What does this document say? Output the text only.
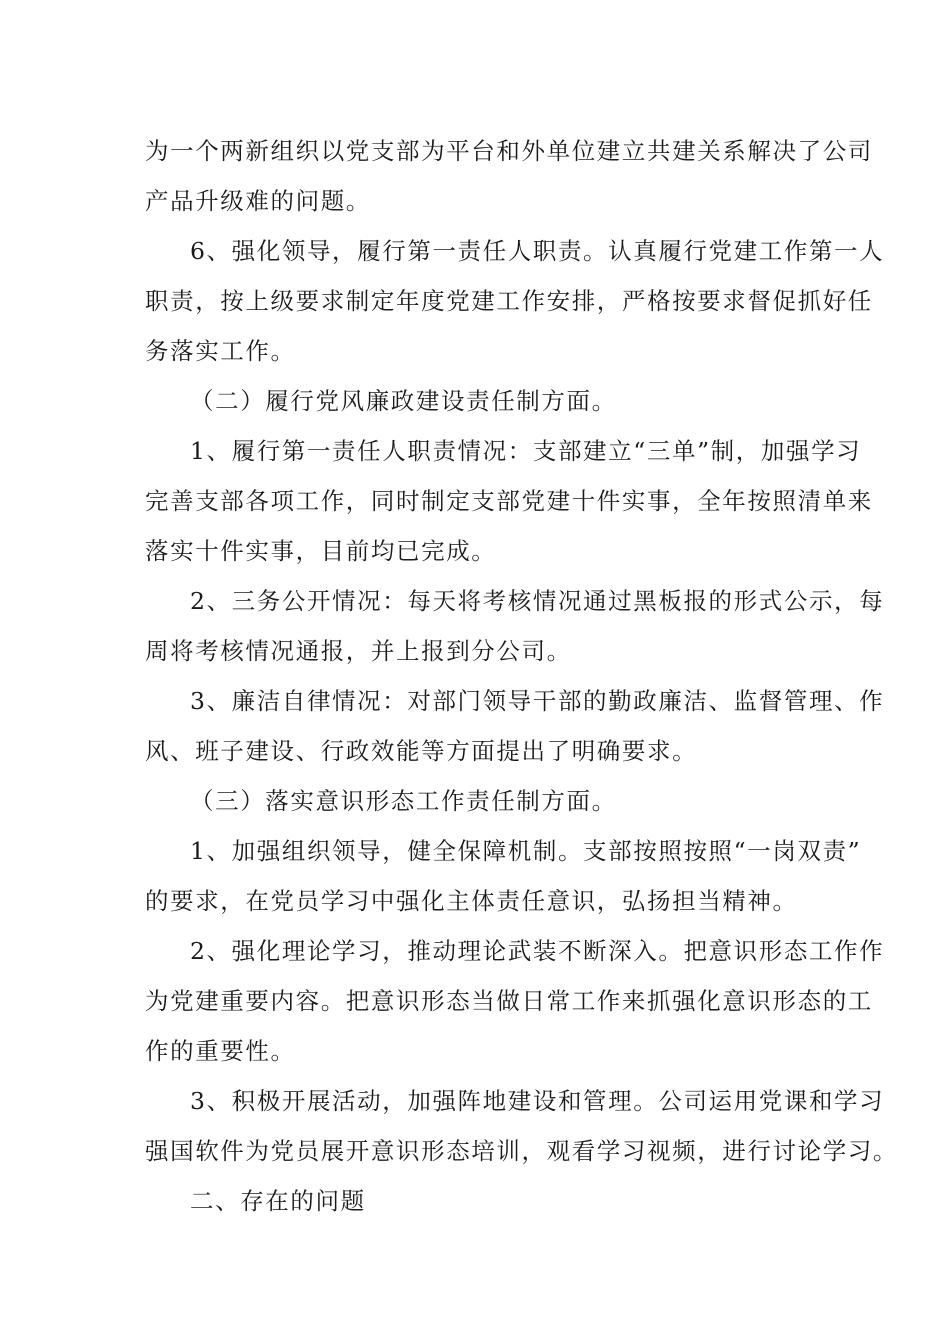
为一个两新组织以党支部为平台和外单位建立共建关系解决了公司
产品升级难的问题。
6、强化领导，履行第一责任人职责。认真履行党建工作第一人
职责，按上级要求制定年度党建工作安排，严格按要求督促抓好任
务落实工作。
（二）履行党风廉政建设责任制方面。
1、履行第一责任人职责情况：支部建立“三单”制，加强学习
完善支部各项工作，同时制定支部党建十件实事，全年按照清单来
落实十件实事，目前均已完成。
2、三务公开情况：每天将考核情况通过黑板报的形式公示，每
周将考核情况通报，并上报到分公司。
3、廉洁自律情况：对部门领导干部的勤政廉洁、监督管理、作
风、班子建设、行政效能等方面提出了明确要求。
（三）落实意识形态工作责任制方面。
1、加强组织领导，健全保障机制。支部按照按照“一岗双责”
的要求，在党员学习中强化主体责任意识，弘扬担当精神。
2、强化理论学习，推动理论武装不断深入。把意识形态工作作
为党建重要内容。把意识形态当做日常工作来抓强化意识形态的工
作的重要性。
3、积极开展活动，加强阵地建设和管理。公司运用党课和学习
强国软件为党员展开意识形态培训，观看学习视频，进行讨论学习。
二、存在的问题
